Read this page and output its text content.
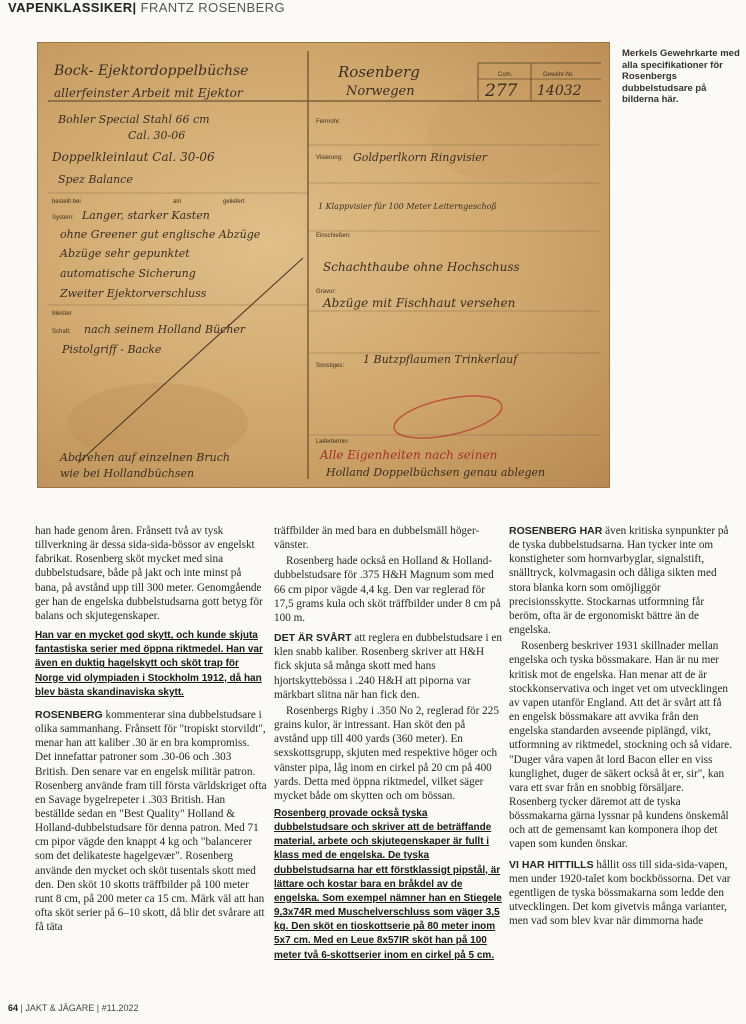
VAPENKLASSIKER| FRANTZ ROSENBERG
Rosenberg
Norwegen
Com.	Gewehr-Nr.
277 14032
Bock- Ejektordoppelbüchse
allerfeinster Arbeit mit Ejektor
Bohler Special Stahl 66 cm
Cal. 30-06
Doppelkleinlaut Cal. 30-06
Spez Balance
bestellt bei	am	geliefert
System: Langer, starker Kasten
ohne Greener gut englische Abzüge
Abzüge sehr gepunktet
automatische Sicherung
Zweiter Ejektorverschluss
Meister
Schaft: nach seinem Holland Bücher
Pistolgriff - Backe
Abdrehen auf einzelnen Bruch
wie bei Hollandbüchsen
Fernrohr:
Visierung: Goldperlkorn Ringvisier
1 Klappvisier für 100 Meter Leiterngeschoß
Einschießen:
Schachthaube ohne Hochschuss
Gravur:
Abzüge mit Fischhaut versehen
Sonstiges: 1 Butzpflaumen Trinkerlauf
Liefertermin
Alle Eigenheiten nach seinen
Holland Doppelbüchsen genau ablegen
Merkels Gewehrkarte med alla specifikationer för Rosenbergs dubbelstudsare på bilderna här.

han hade genom åren. Frånsett två av tysk tillverkning är dessa sida-sida-bössor av engelskt fabrikat. Rosenberg sköt mycket med sina dubbelstudsare, både på jakt och inte minst på bana, på avstånd upp till 300 meter. Genomgående ger han de engelska dubbelstudsarna gott betyg för balans och skjutegenskaper.

Han var en mycket god skytt, och kunde skjuta fantastiska serier med öppna riktmedel. Han var även en duktig hagelskytt och sköt trap för Norge vid olympiaden i Stockholm 1912, då han blev bästa skandinaviska skytt.

ROSENBERG kommenterar sina dubbelstudsare i olika sammanhang. Frånsett för "tropiskt storvildt", menar han att kaliber .30 är en bra kompromiss. Det innefattar patroner som .30-06 och .303 British. Den senare var en engelsk militär patron. Rosenberg använde fram till första världskriget ofta en Savage bygelrepeter i .303 British. Han beställde sedan en "Best Quality" Holland & Holland-dubbelstudsare för denna patron. Med 71 cm pipor vägde den knappt 4 kg och "balancerer som det delikateste hagelgevær". Rosenberg använde den mycket och sköt tusentals skott med den. Den sköt 10 skotts träffbilder på 100 meter runt 8 cm, på 200 meter ca 15 cm. Märk väl att han ofta sköt serier på 6–10 skott, då blir det svårare att få täta

träffbilder än med bara en dubbelsmäll höger-vänster.

Rosenberg hade också en Holland & Holland-dubbelstudsare för .375 H&H Magnum som med 66 cm pipor vägde 4,4 kg. Den var reglerad för 17,5 grams kula och sköt träffbilder under 8 cm på 100 m.

DET ÄR SVÅRT att reglera en dubbelstudsare i en klen snabb kaliber. Rosenberg skriver att H&H fick skjuta så många skott med hans hjortskyttebössa i .240 H&H att piporna var märkbart slitna när han fick den.

Rosenbergs Rigby i .350 No 2, reglerad för 225 grains kulor, är intressant. Han sköt den på avstånd upp till 400 yards (360 meter). En sexskottsgrupp, skjuten med respektive höger och vänster pipa, låg inom en cirkel på 20 cm på 400 yards. Detta med öppna riktmedel, vilket säger mycket både om skytten och om bössan.

Rosenberg provade också tyska dubbelstudsare och skriver att de beträffande material, arbete och skjutegenskaper är fullt i klass med de engelska. De tyska dubbelstudsarna har ett förstklassigt pipstål, är lättare och kostar bara en bråkdel av de engelska. Som exempel nämner han en Stiegele 9,3x74R med Muschelverschluss som väger 3,5 kg. Den sköt en tioskottserie på 80 meter inom 5x7 cm. Med en Leue 8x57IR sköt han på 100 meter två 6-skottserier inom en cirkel på 5 cm.

ROSENBERG HAR även kritiska synpunkter på de tyska dubbelstudsarna. Han tycker inte om konstigheter som hornvarbyglar, signalstift, snälltryck, kolvmagasin och dåliga sikten med stora blanka korn som omöjliggör precisionsskytte. Stockarnas utformning får beröm, ofta är de ergonomiskt bättre än de engelska.

Rosenberg beskriver 1931 skillnader mellan engelska och tyska bössmakare. Han är nu mer kritisk mot de engelska. Han menar att de är stockkonservativa och inget vet om utvecklingen av vapen utanför England. Att det är svårt att få en engelsk bössmakare att avvika från den engelska standarden avseende piplängd, vikt, utformning av riktmedel, stockning och så vidare. "Duger våra vapen åt lord Bacon eller en viss kunglighet, duger de säkert också åt er, sir", kan vara ett svar från en snobbig försäljare. Rosenberg tycker däremot att de tyska bössmakarna gärna lyssnar på kundens önskemål och att de gemensamt kan komponera ihop det vapen som kunden önskar.

VI HAR HITTILLS hållit oss till sida-sida-vapen, men under 1920-talet kom bockbössorna. Det var egentligen de tyska bössmakarna som ledde den utvecklingen. Det kom givetvis många varianter, men vad som blev kvar när dimmorna hade

64 | JAKT & JÄGARE | #11.2022
